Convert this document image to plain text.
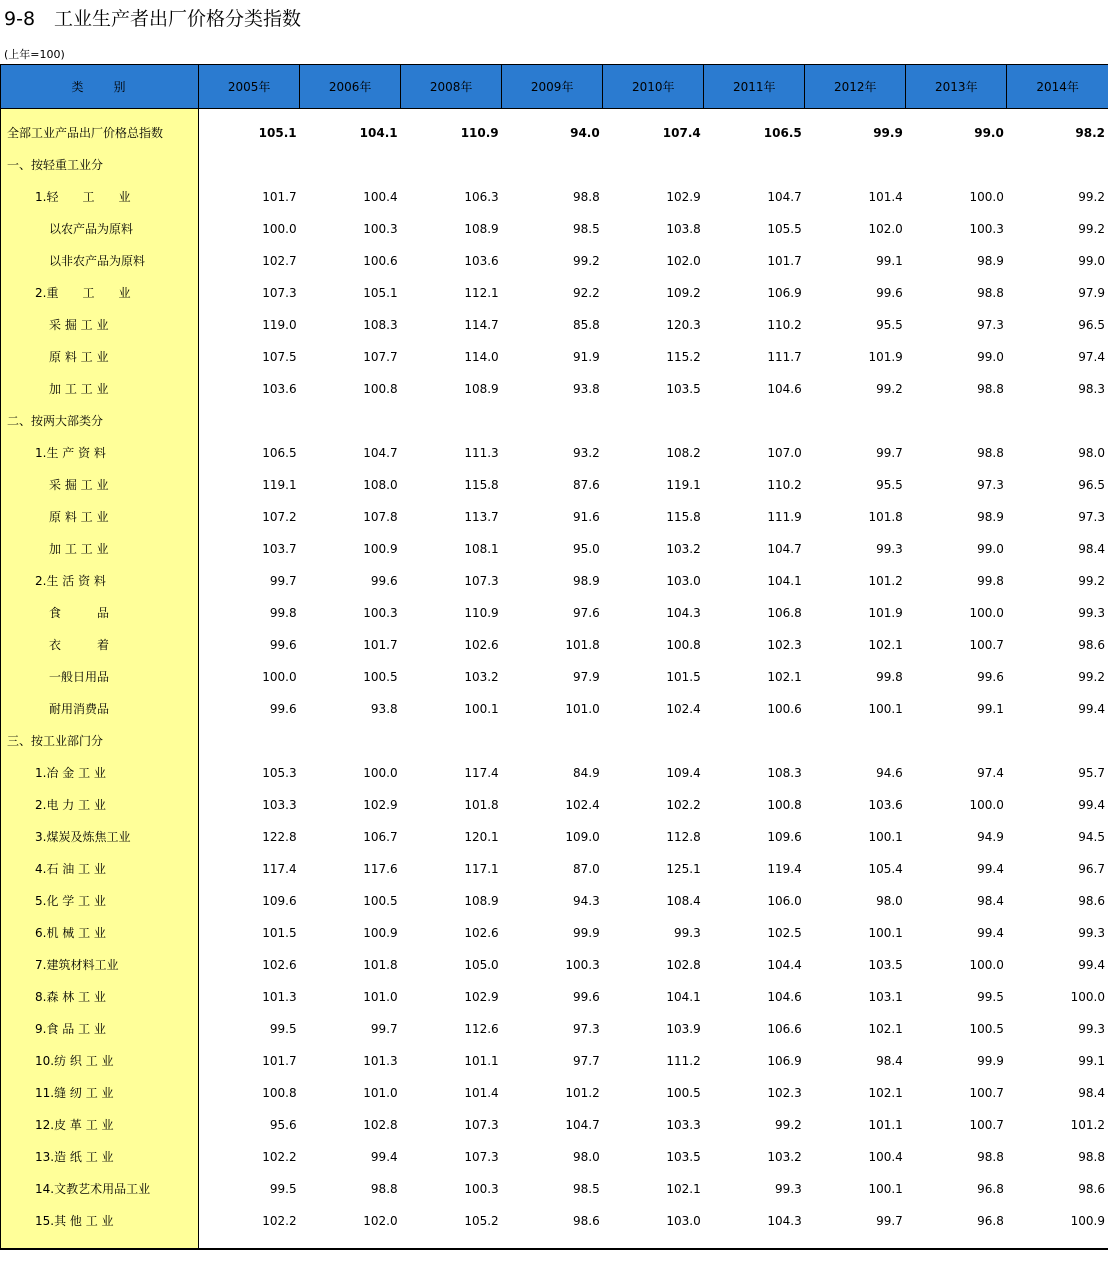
9-8　工业生产者出厂价格分类指数
(上年=100)
类　　别	2005年	2006年	2008年	2009年	2010年	2011年	2012年	2013年	2014年

全部工业产品出厂价格总指数	105.1	104.1	110.9	94.0	107.4	106.5	99.9	99.0	98.2
一、按轻重工业分									
1.轻　　工　　业	101.7	100.4	106.3	98.8	102.9	104.7	101.4	100.0	99.2
以农产品为原料	100.0	100.3	108.9	98.5	103.8	105.5	102.0	100.3	99.2
以非农产品为原料	102.7	100.6	103.6	99.2	102.0	101.7	99.1	98.9	99.0
2.重　　工　　业	107.3	105.1	112.1	92.2	109.2	106.9	99.6	98.8	97.9
采 掘 工 业	119.0	108.3	114.7	85.8	120.3	110.2	95.5	97.3	96.5
原 料 工 业	107.5	107.7	114.0	91.9	115.2	111.7	101.9	99.0	97.4
加 工 工 业	103.6	100.8	108.9	93.8	103.5	104.6	99.2	98.8	98.3
二、按两大部类分									
1.生 产 资 料	106.5	104.7	111.3	93.2	108.2	107.0	99.7	98.8	98.0
采 掘 工 业	119.1	108.0	115.8	87.6	119.1	110.2	95.5	97.3	96.5
原 料 工 业	107.2	107.8	113.7	91.6	115.8	111.9	101.8	98.9	97.3
加 工 工 业	103.7	100.9	108.1	95.0	103.2	104.7	99.3	99.0	98.4
2.生 活 资 料	99.7	99.6	107.3	98.9	103.0	104.1	101.2	99.8	99.2
食　　　品	99.8	100.3	110.9	97.6	104.3	106.8	101.9	100.0	99.3
衣　　　着	99.6	101.7	102.6	101.8	100.8	102.3	102.1	100.7	98.6
一般日用品	100.0	100.5	103.2	97.9	101.5	102.1	99.8	99.6	99.2
耐用消费品	99.6	93.8	100.1	101.0	102.4	100.6	100.1	99.1	99.4
三、按工业部门分									
1.冶 金 工 业	105.3	100.0	117.4	84.9	109.4	108.3	94.6	97.4	95.7
2.电 力 工 业	103.3	102.9	101.8	102.4	102.2	100.8	103.6	100.0	99.4
3.煤炭及炼焦工业	122.8	106.7	120.1	109.0	112.8	109.6	100.1	94.9	94.5
4.石 油 工 业	117.4	117.6	117.1	87.0	125.1	119.4	105.4	99.4	96.7
5.化 学 工 业	109.6	100.5	108.9	94.3	108.4	106.0	98.0	98.4	98.6
6.机 械 工 业	101.5	100.9	102.6	99.9	99.3	102.5	100.1	99.4	99.3
7.建筑材料工业	102.6	101.8	105.0	100.3	102.8	104.4	103.5	100.0	99.4
8.森 林 工 业	101.3	101.0	102.9	99.6	104.1	104.6	103.1	99.5	100.0
9.食 品 工 业	99.5	99.7	112.6	97.3	103.9	106.6	102.1	100.5	99.3
10.纺 织 工 业	101.7	101.3	101.1	97.7	111.2	106.9	98.4	99.9	99.1
11.缝 纫 工 业	100.8	101.0	101.4	101.2	100.5	102.3	102.1	100.7	98.4
12.皮 革 工 业	95.6	102.8	107.3	104.7	103.3	99.2	101.1	100.7	101.2
13.造 纸 工 业	102.2	99.4	107.3	98.0	103.5	103.2	100.4	98.8	98.8
14.文教艺术用品工业	99.5	98.8	100.3	98.5	102.1	99.3	100.1	96.8	98.6
15.其 他 工 业	102.2	102.0	105.2	98.6	103.0	104.3	99.7	96.8	100.9
